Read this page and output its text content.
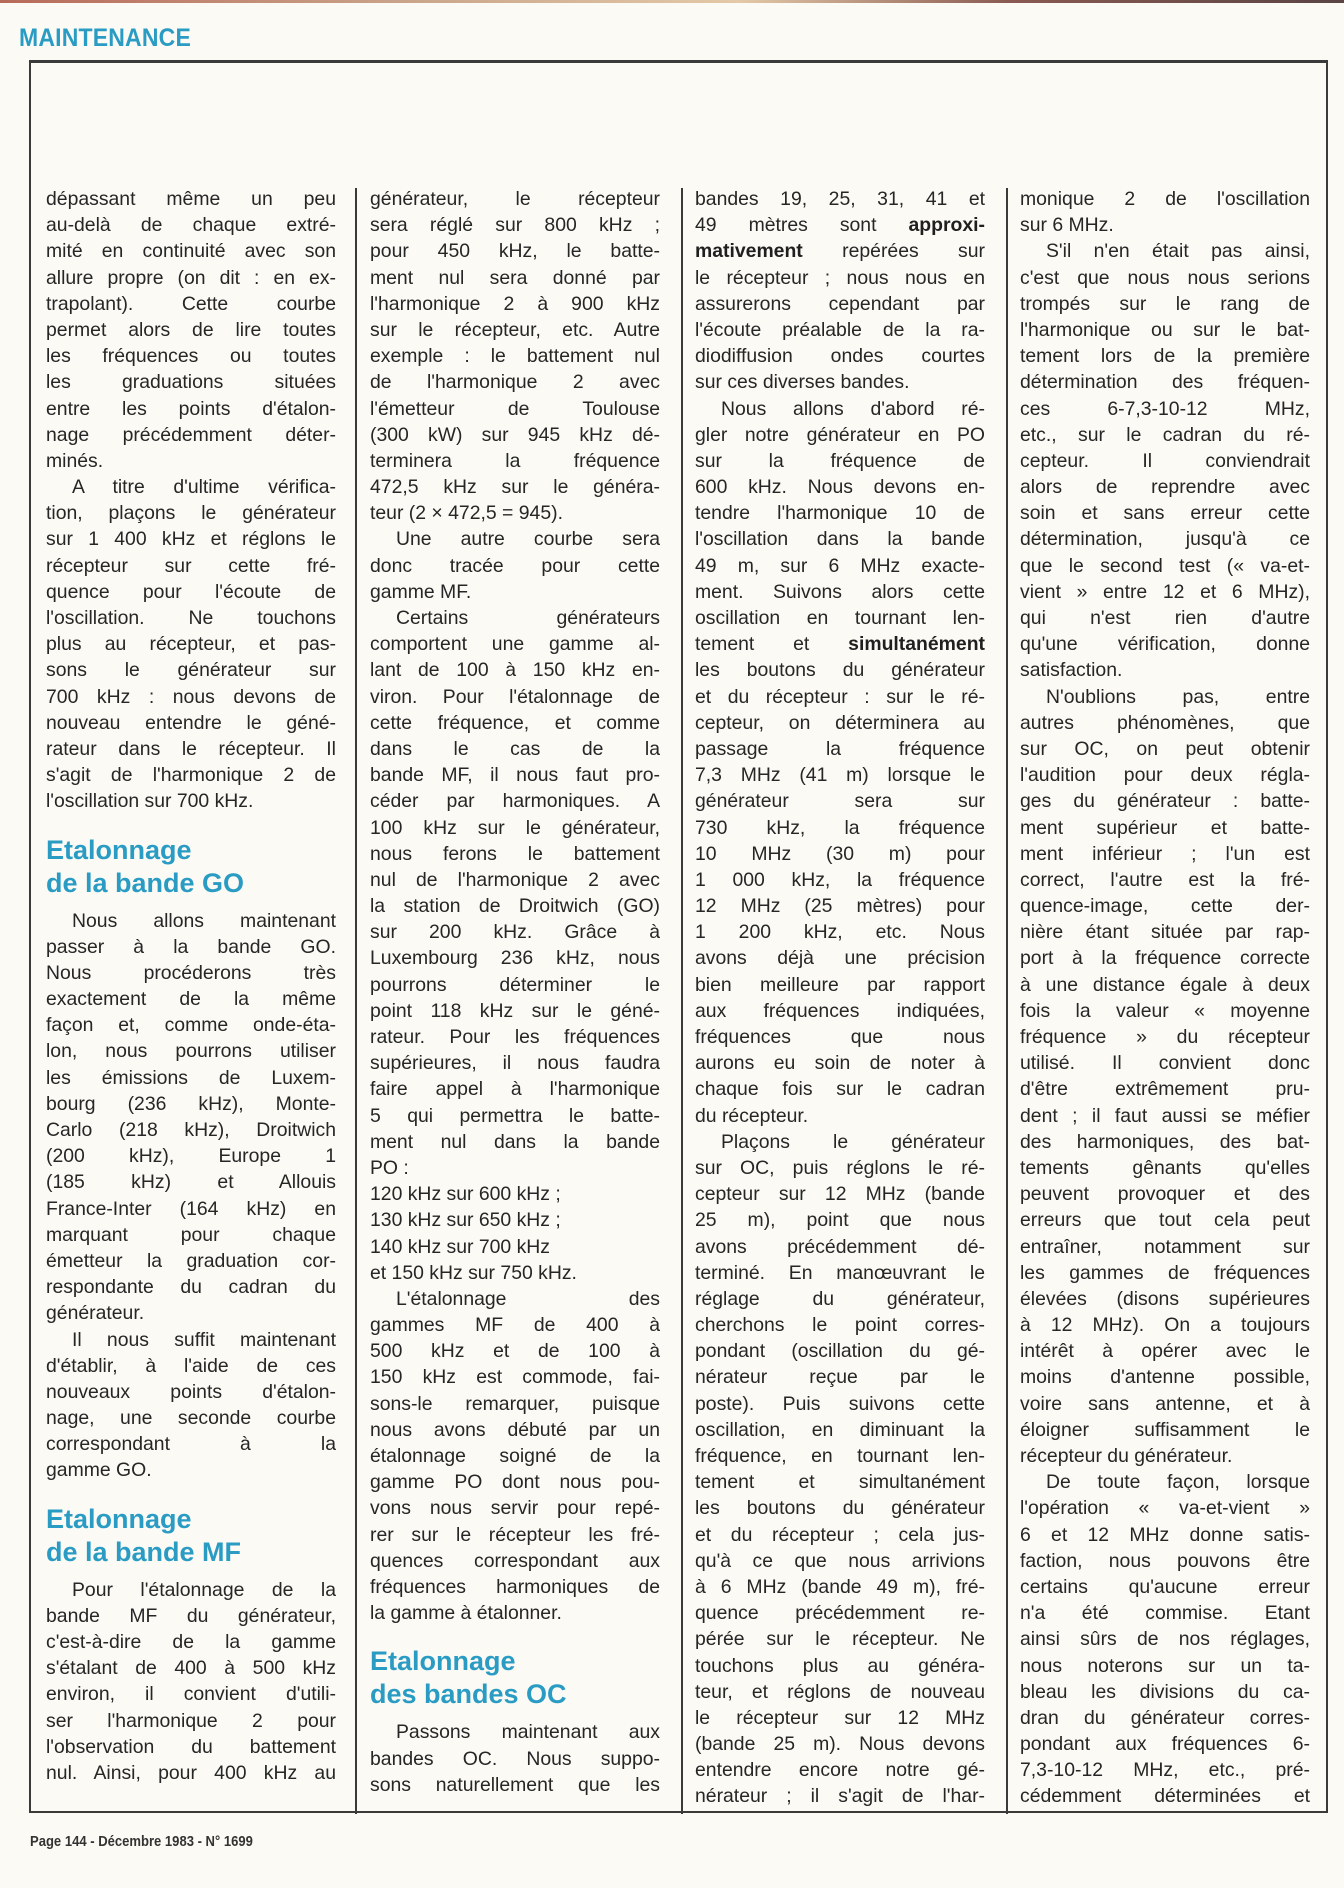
MAINTENANCE
dépassant même un peu
au-delà de chaque extré-
mité en continuité avec son
allure propre (on dit : en ex-
trapolant). Cette courbe
permet alors de lire toutes
les fréquences ou toutes
les graduations situées
entre les points d'étalon-
nage précédemment déter-
minés.
A titre d'ultime vérifica-
tion, plaçons le générateur
sur 1 400 kHz et réglons le
récepteur sur cette fré-
quence pour l'écoute de
l'oscillation. Ne touchons
plus au récepteur, et pas-
sons le générateur sur
700 kHz : nous devons de
nouveau entendre le géné-
rateur dans le récepteur. Il
s'agit de l'harmonique 2 de
l'oscillation sur 700 kHz.
Etalonnage
de la bande GO
Nous allons maintenant
passer à la bande GO.
Nous procéderons très
exactement de la même
façon et, comme onde-éta-
lon, nous pourrons utiliser
les émissions de Luxem-
bourg (236 kHz), Monte-
Carlo (218 kHz), Droitwich
(200 kHz), Europe 1
(185 kHz) et Allouis
France-Inter (164 kHz) en
marquant pour chaque
émetteur la graduation cor-
respondante du cadran du
générateur.
Il nous suffit maintenant
d'établir, à l'aide de ces
nouveaux points d'étalon-
nage, une seconde courbe
correspondant à la
gamme GO.
Etalonnage
de la bande MF
Pour l'étalonnage de la
bande MF du générateur,
c'est-à-dire de la gamme
s'étalant de 400 à 500 kHz
environ, il convient d'utili-
ser l'harmonique 2 pour
l'observation du battement
nul. Ainsi, pour 400 kHz au
générateur, le récepteur
sera réglé sur 800 kHz ;
pour 450 kHz, le batte-
ment nul sera donné par
l'harmonique 2 à 900 kHz
sur le récepteur, etc. Autre
exemple : le battement nul
de l'harmonique 2 avec
l'émetteur de Toulouse
(300 kW) sur 945 kHz dé-
terminera la fréquence
472,5 kHz sur le généra-
teur (2 × 472,5 = 945).
Une autre courbe sera
donc tracée pour cette
gamme MF.
Certains générateurs
comportent une gamme al-
lant de 100 à 150 kHz en-
viron. Pour l'étalonnage de
cette fréquence, et comme
dans le cas de la
bande MF, il nous faut pro-
céder par harmoniques. A
100 kHz sur le générateur,
nous ferons le battement
nul de l'harmonique 2 avec
la station de Droitwich (GO)
sur 200 kHz. Grâce à
Luxembourg 236 kHz, nous
pourrons déterminer le
point 118 kHz sur le géné-
rateur. Pour les fréquences
supérieures, il nous faudra
faire appel à l'harmonique
5 qui permettra le batte-
ment nul dans la bande
PO :
120 kHz sur 600 kHz ;
130 kHz sur 650 kHz ;
140 kHz sur 700 kHz
et 150 kHz sur 750 kHz.
L'étalonnage des
gammes MF de 400 à
500 kHz et de 100 à
150 kHz est commode, fai-
sons-le remarquer, puisque
nous avons débuté par un
étalonnage soigné de la
gamme PO dont nous pou-
vons nous servir pour repé-
rer sur le récepteur les fré-
quences correspondant aux
fréquences harmoniques de
la gamme à étalonner.
Etalonnage
des bandes OC
Passons maintenant aux
bandes OC. Nous suppo-
sons naturellement que les
bandes 19, 25, 31, 41 et
49 mètres sont approxi-
mativement repérées sur
le récepteur ; nous nous en
assurerons cependant par
l'écoute préalable de la ra-
diodiffusion ondes courtes
sur ces diverses bandes.
Nous allons d'abord ré-
gler notre générateur en PO
sur la fréquence de
600 kHz. Nous devons en-
tendre l'harmonique 10 de
l'oscillation dans la bande
49 m, sur 6 MHz exacte-
ment. Suivons alors cette
oscillation en tournant len-
tement et simultanément
les boutons du générateur
et du récepteur : sur le ré-
cepteur, on déterminera au
passage la fréquence
7,3 MHz (41 m) lorsque le
générateur sera sur
730 kHz, la fréquence
10 MHz (30 m) pour
1 000 kHz, la fréquence
12 MHz (25 mètres) pour
1 200 kHz, etc. Nous
avons déjà une précision
bien meilleure par rapport
aux fréquences indiquées,
fréquences que nous
aurons eu soin de noter à
chaque fois sur le cadran
du récepteur.
Plaçons le générateur
sur OC, puis réglons le ré-
cepteur sur 12 MHz (bande
25 m), point que nous
avons précédemment dé-
terminé. En manœuvrant le
réglage du générateur,
cherchons le point corres-
pondant (oscillation du gé-
nérateur reçue par le
poste). Puis suivons cette
oscillation, en diminuant la
fréquence, en tournant len-
tement et simultanément
les boutons du générateur
et du récepteur ; cela jus-
qu'à ce que nous arrivions
à 6 MHz (bande 49 m), fré-
quence précédemment re-
pérée sur le récepteur. Ne
touchons plus au généra-
teur, et réglons de nouveau
le récepteur sur 12 MHz
(bande 25 m). Nous devons
entendre encore notre gé-
nérateur ; il s'agit de l'har-
monique 2 de l'oscillation
sur 6 MHz.
S'il n'en était pas ainsi,
c'est que nous nous serions
trompés sur le rang de
l'harmonique ou sur le bat-
tement lors de la première
détermination des fréquen-
ces 6-7,3-10-12 MHz,
etc., sur le cadran du ré-
cepteur. Il conviendrait
alors de reprendre avec
soin et sans erreur cette
détermination, jusqu'à ce
que le second test (« va-et-
vient » entre 12 et 6 MHz),
qui n'est rien d'autre
qu'une vérification, donne
satisfaction.
N'oublions pas, entre
autres phénomènes, que
sur OC, on peut obtenir
l'audition pour deux régla-
ges du générateur : batte-
ment supérieur et batte-
ment inférieur ; l'un est
correct, l'autre est la fré-
quence-image, cette der-
nière étant située par rap-
port à la fréquence correcte
à une distance égale à deux
fois la valeur « moyenne
fréquence » du récepteur
utilisé. Il convient donc
d'être extrêmement pru-
dent ; il faut aussi se méfier
des harmoniques, des bat-
tements gênants qu'elles
peuvent provoquer et des
erreurs que tout cela peut
entraîner, notamment sur
les gammes de fréquences
élevées (disons supérieures
à 12 MHz). On a toujours
intérêt à opérer avec le
moins d'antenne possible,
voire sans antenne, et à
éloigner suffisamment le
récepteur du générateur.
De toute façon, lorsque
l'opération « va-et-vient »
6 et 12 MHz donne satis-
faction, nous pouvons être
certains qu'aucune erreur
n'a été commise. Etant
ainsi sûrs de nos réglages,
nous noterons sur un ta-
bleau les divisions du ca-
dran du générateur corres-
pondant aux fréquences 6-
7,3-10-12 MHz, etc., pré-
cédemment déterminées et
Page 144 - Décembre 1983 - N° 1699
